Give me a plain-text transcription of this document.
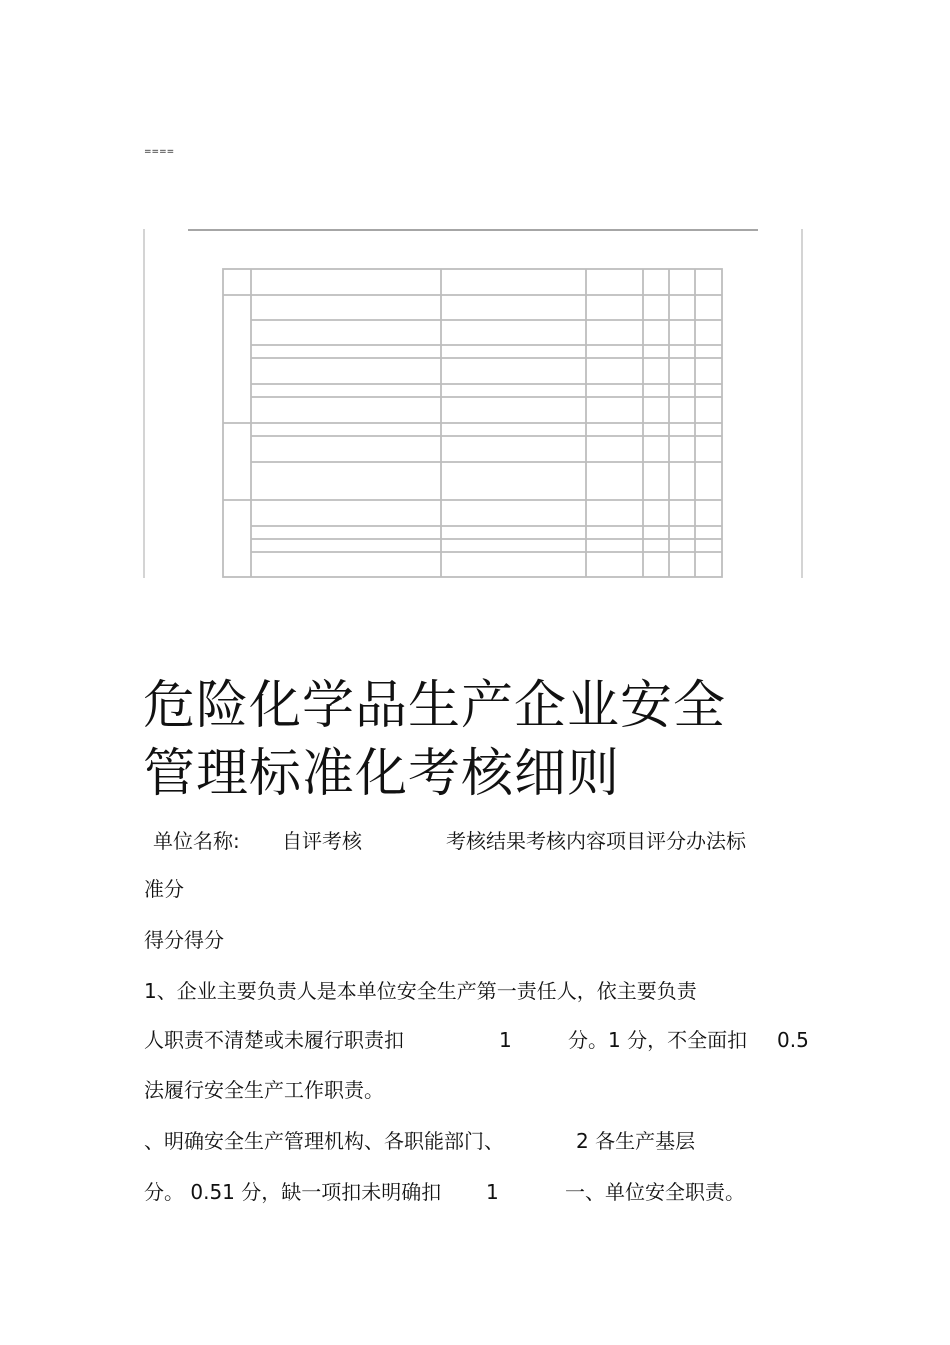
====
危险化学品生产企业安全
管理标准化考核细则
单位名称: 自评考核	考核结果考核内容项目评分办法标
准分
得分得分
1、企业主要负责人是本单位安全生产第一责任人，依主要负责
人职责不清楚或未履行职责扣	1	分。1 分，不全面扣 0.5
法履行安全生产工作职责。
、明确安全生产管理机构、各职能部门、	2 各生产基层
分。 0.51 分，缺一项扣未明确扣 1	一、单位安全职责。
